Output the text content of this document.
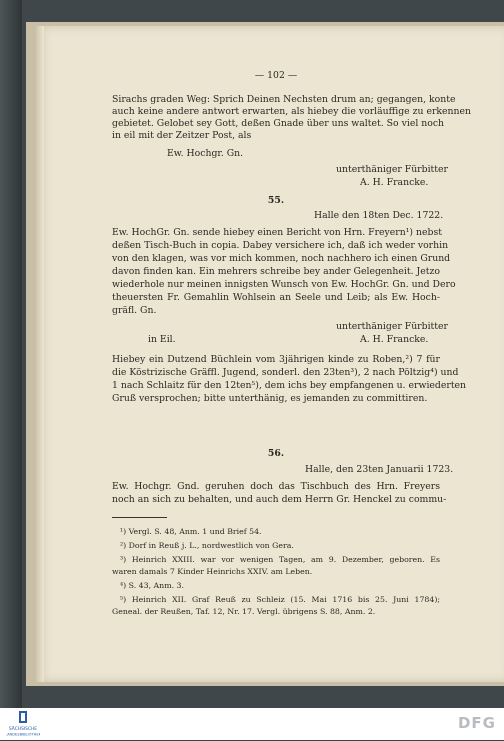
— 102 —
Sirachs graden Weg: Sprich Deinen Nechsten drum an; gegangen, konte
auch keine andere antwort erwarten, als hiebey die vorläuffige zu erkennen
gebietet. Gelobet sey Gott, deßen Gnade über uns waltet. So viel noch
in eil mit der Zeitzer Post, als
Ew. Hochgr. Gn.
unterthäniger Fürbitter
A. H. Francke.
55.
Halle den 18ten Dec. 1722.
Ew. HochGr. Gn. sende hiebey einen Bericht von Hrn. Freyern¹) nebst
deßen Tisch-Buch in copia. Dabey versichere ich, daß ich weder vorhin
von den klagen, was vor mich kommen, noch nachhero ich einen Grund
davon finden kan. Ein mehrers schreibe bey ander Gelegenheit. Jetzo
wiederhole nur meinen innigsten Wunsch von Ew. HochGr. Gn. und Dero
theuersten Fr. Gemahlin Wohlsein an Seele und Leib; als Ew. Hoch-
gräfl. Gn.
unterthäniger Fürbitter
in Eil.	A. H. Francke.
Hiebey ein Dutzend Büchlein vom 3jährigen kinde zu Roben,²) 7 für
die Köstrizische Gräffl. Jugend, sonderl. den 23ten³), 2 nach Pöltzig⁴) und
1 nach Schlaitz für den 12ten⁵), dem ichs bey empfangenen u. erwiederten
Gruß versprochen; bitte unterthänig, es jemanden zu committiren.
56.
Halle, den 23ten Januarii 1723.
Ew. Hochgr. Gnd. geruhen doch das Tischbuch des Hrn. Freyers
noch an sich zu behalten, und auch dem Herrn Gr. Henckel zu commu-
¹) Vergl. S. 48, Anm. 1 und Brief 54.
²) Dorf in Reuß j. L., nordwestlich von Gera.
³) Heinrich XXIII. war vor wenigen Tagen, am 9. Dezember, geboren. Es
waren damals 7 Kinder Heinrichs XXIV. am Leben.
⁴) S. 43, Anm. 3.
⁵) Heinrich XII. Graf Reuß zu Schleiz (15. Mai 1716 bis 25. Juni 1784);
Geneal. der Reußen, Taf. 12, Nr. 17. Vergl. übrigens S. 88, Anm. 2.
SÄCHSISCHE
LANDESBIBLIOTHEK
DFG
